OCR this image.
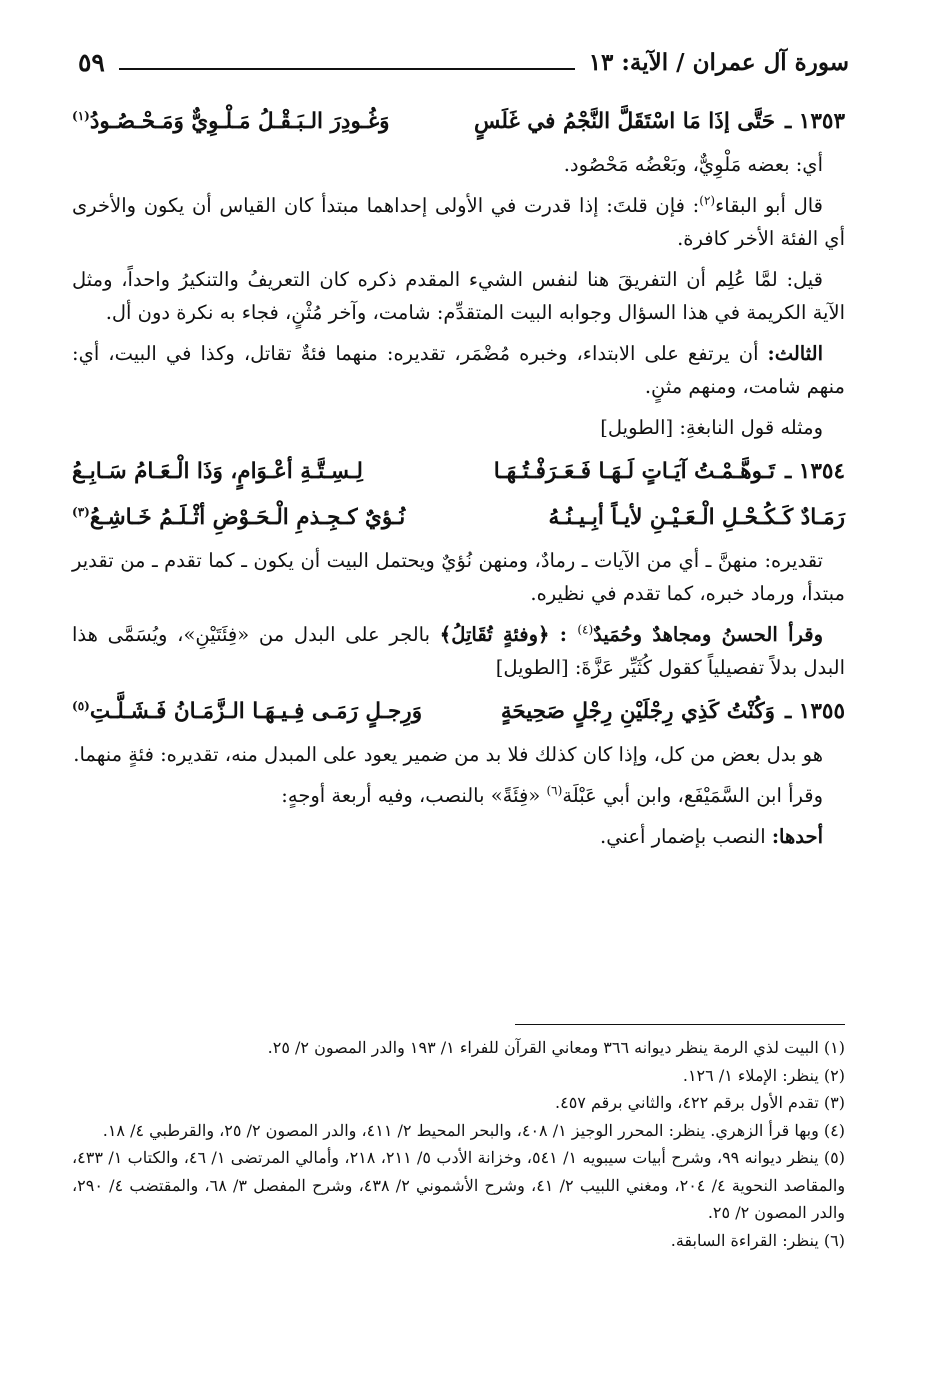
سورة آل عمران / الآية: ١٣
٥٩
١٣٥٣ ـ
حَتَّى إذَا مَا اسْتَقَلَّ النَّجْمُ في غَلَسٍ
وَغُـودِرَ الـبَـقْـلُ مَـلْـوِيٌّ وَمَـحْـصُـودُ$^{(١)}$

أي: بعضه مَلْوِيٌّ، وبَعْضُه مَحْصُود.

قال أبو البقاء$^{(٢)}$: فإن قلتَ: إذا قدرت في الأولى إحداهما مبتدأ كان القياس أن يكون والأخرى أي الفئة الأخر كافرة.

قيل: لمَّا عُلِم أن التفريقَ هنا لنفس الشيء المقدم ذكره كان التعريفُ والتنكيرُ واحداً، ومثل الآية الكريمة في هذا السؤال وجوابه البيت المتقدِّم: شامت، وآخر مُثْنٍ، فجاء به نكرة دون أل.

الثالث: أن يرتفع على الابتداء، وخبره مُضْمَر، تقديره: منهما فئةٌ تقاتل، وكذا في البيت، أي: منهم شامت، ومنهم مثنٍ.

ومثله قول النابغةِ: [الطويل]

١٣٥٤ ـ
تَـوهَّـمْـتُ آيَـاتٍ لَـهَـا فَـعَـرَفْـتُـهَـا
لِـسِـتَّـةِ أعْـوَامٍ، وَذَا الْـعَـامُ سَـابِـعُ
رَمَـادٌ كَـكُـحْـلِ الْـعَـيْـنِ لأيـاً أبِـيـنُـهُ
نُـؤيٌ كـجِـذمِ الْـحَـوْضِ أثْـلَـمُ خَـاشِـعُ$^{(٣)}$

تقديره: منهنَّ ـ أي من الآيات ـ رمادٌ، ومنهن نُؤيٌ ويحتمل البيت أن يكون ـ كما تقدم ـ من تقدير مبتدأ، ورماد خبره، كما تقدم في نظيره.

وقرأ الحسنُ ومجاهدٌ وحُمَيدٌ$^{(٤)}$ : ﴿وفئةٍ تُقَاتِلُ﴾ بالجر على البدل من «فِئَتَيْنِ»، ويُسَمَّى هذا البدل بدلاً تفصيلياً كقول كُثَيِّر عَزَّةَ: [الطويل]

١٣٥٥ ـ
وَكُنْتُ كَذِي رِجْلَيْنِ رِجْلٍ صَحِيحَةٍ
وَرِجـلٍ رَمَـى فِـيـهَـا الـزَّمَـانُ فَـشَـلَّـتِ$^{(٥)}$

هو بدل بعض من كل، وإذا كان كذلك فلا بد من ضمير يعود على المبدل منه، تقديره: فئةٍ منهما.

وقرأ ابن السَّمَيْفَع، وابن أبي عَبْلَة$^{(٦)}$ «فِئَةً» بالنصب، وفيه أربعة أوجهٍ:

أحدها: النصب بإضمار أعني.

(١) البيت لذي الرمة ينظر ديوانه ٣٦٦ ومعاني القرآن للفراء ١/ ١٩٣ والدر المصون ٢/ ٢٥.

(٢) ينظر: الإملاء ١/ ١٢٦.

(٣) تقدم الأول برقم ٤٢٢، والثاني برقم ٤٥٧.

(٤) وبها قرأ الزهري. ينظر: المحرر الوجيز ١/ ٤٠٨، والبحر المحيط ٢/ ٤١١، والدر المصون ٢/ ٢٥، والقرطبي ٤/ ١٨.

(٥) ينظر ديوانه ٩٩، وشرح أبيات سيبويه ١/ ٥٤١، وخزانة الأدب ٥/ ٢١١، ٢١٨، وأمالي المرتضى ١/ ٤٦، والكتاب ١/ ٤٣٣، والمقاصد النحوية ٤/ ٢٠٤، ومغني اللبيب ٢/ ٤١، وشرح الأشموني ٢/ ٤٣٨، وشرح المفصل ٣/ ٦٨، والمقتضب ٤/ ٢٩٠، والدر المصون ٢/ ٢٥.

(٦) ينظر: القراءة السابقة.
